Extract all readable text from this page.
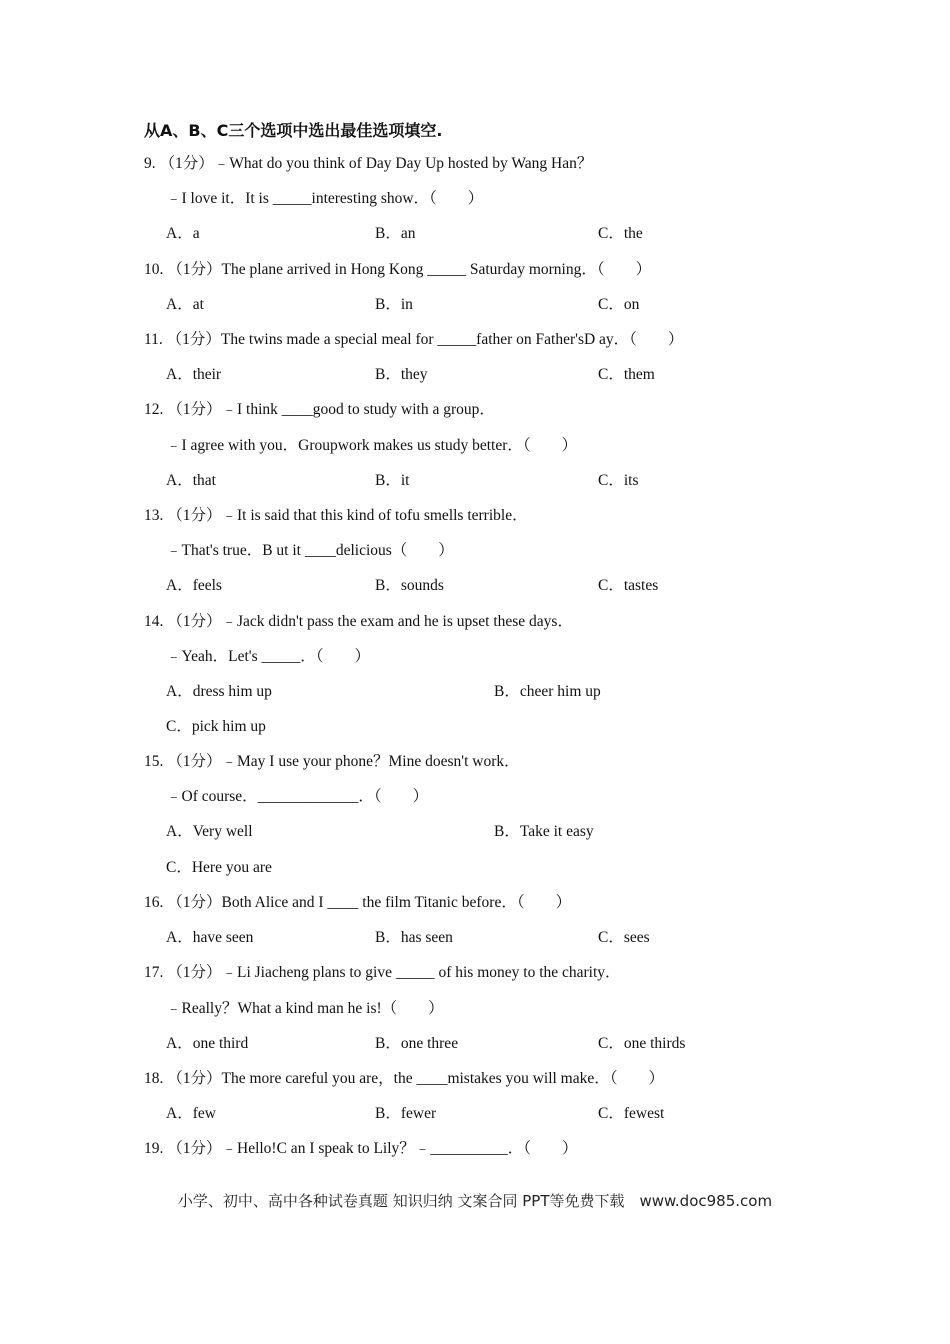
从A、B、C三个选项中选出最佳选项填空.
9. （1分）﹣What do you think of Day Day Up hosted by Wang Han？
﹣I love it．It is _____interesting show．（　　）
A．a	B．an	C．the
10. （1分）The plane arrived in Hong Kong _____ Saturday morning．（　　）
A．at	B．in	C．on
11. （1分）The twins made a special meal for _____father on Father'sD ay．（　　）
A．their	B．they	C．them
12. （1分）﹣I think ____good to study with a group．
﹣I agree with you．Groupwork makes us study better．（　　）
A．that	B．it	C．its
13. （1分）﹣It is said that this kind of tofu smells terrible．
﹣That's true．B ut it ____delicious（　　）
A．feels	B．sounds	C．tastes
14. （1分）﹣Jack didn't pass the exam and he is upset these days．
﹣Yeah．Let's _____．（　　）
A．dress him up	B．cheer him up
C．pick him up
15. （1分）﹣May I use your phone？Mine doesn't work．
﹣Of course．_____________．（　　）
A．Very well	B．Take it easy
C．Here you are
16. （1分）Both Alice and I ____ the film Titanic before．（　　）
A．have seen	B．has seen	C．sees
17. （1分）﹣Li Jiacheng plans to give _____ of his money to the charity．
﹣Really？What a kind man he is!（　　）
A．one third	B．one three	C．one thirds
18. （1分）The more careful you are，the ____mistakes you will make．（　　）
A．few	B．fewer	C．fewest
19. （1分）﹣Hello!C an I speak to Lily？﹣__________．（　　）
小学、初中、高中各种试卷真题 知识归纳 文案合同 PPT等免费下载　www.doc985.com
